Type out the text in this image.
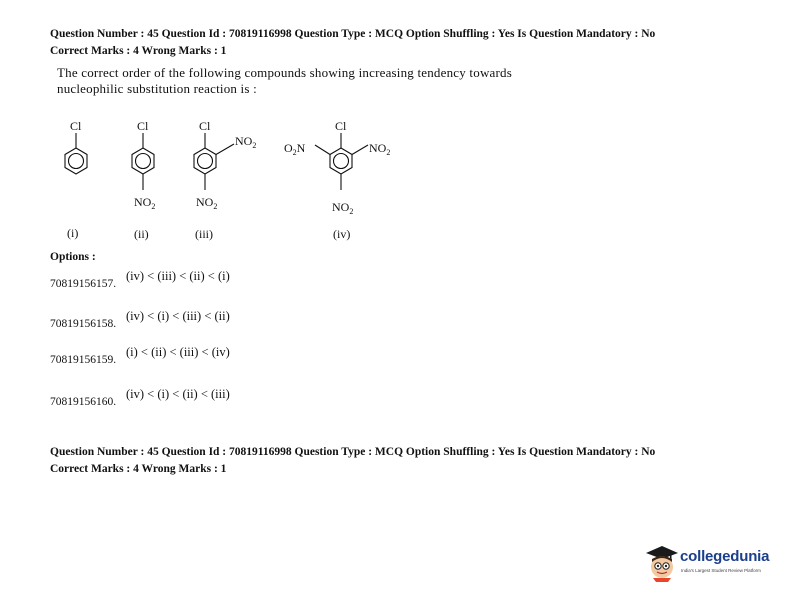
Question Number : 45 Question Id : 70819116998 Question Type : MCQ Option Shuffling : Yes Is Question Mandatory : No
Correct Marks : 4 Wrong Marks : 1
The correct order of the following compounds showing increasing tendency towards
nucleophilic substitution reaction is :
Cl	Cl	Cl	Cl
$NO_2$	$NO_2$
$NO_2$
$NO_2$
$NO_2$
$O_2N$
(i)	(ii)	(iii)	(iv)
Options :
70819156157.
(iv) < (iii) < (ii) < (i)
70819156158.
(iv) < (i) < (iii) < (ii)
70819156159.
(i) < (ii) < (iii) < (iv)
70819156160.
(iv) < (i) < (ii) < (iii)
Question Number : 45 Question Id : 70819116998 Question Type : MCQ Option Shuffling : Yes Is Question Mandatory : No
Correct Marks : 4 Wrong Marks : 1
collegedunia
India's Largest Student Review Platform
